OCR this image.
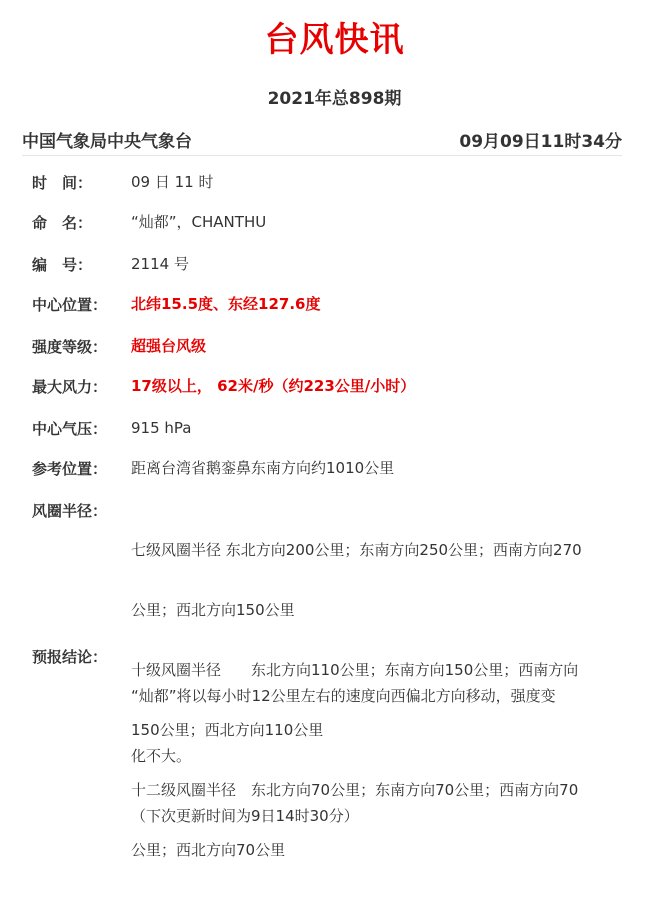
台风快讯
2021年总898期
中国气象局中央气象台	09月09日11时34分
时　间：	09 日 11 时
命　名：	“灿都”，CHANTHU
编　号：	2114 号
中心位置： 北纬15.5度、东经127.6度
强度等级： 超强台风级
最大风力： 17级以上， 62米/秒（约223公里/小时）
中心气压： 915 hPa
参考位置： 距离台湾省鹅銮鼻东南方向约1010公里
风圈半径：

七级风圈半径 东北方向200公里；东南方向250公里；西南方向270

公里；西北方向150公里

十级风圈半径　　东北方向110公里；东南方向150公里；西南方向

150公里；西北方向110公里

十二级风圈半径　东北方向70公里；东南方向70公里；西南方向70

公里；西北方向70公里

预报结论：

“灿都”将以每小时12公里左右的速度向西偏北方向移动，强度变

化不大。

（下次更新时间为9日14时30分）
